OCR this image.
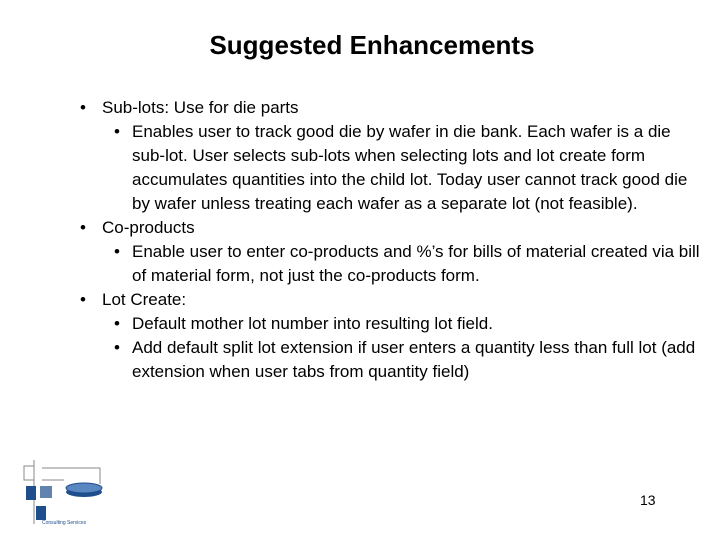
Suggested Enhancements
• Sub-lots: Use for die parts
• Enables user to track good die by wafer in die bank. Each wafer is a die sub-lot. User selects sub-lots when selecting lots and lot create form accumulates quantities into the child lot. Today user cannot track good die by wafer unless treating each wafer as a separate lot (not feasible).
• Co-products
• Enable user to enter co-products and %’s for bills of material created via bill of material form, not just the co-products form.
• Lot Create:
• Default mother lot number into resulting lot field.
• Add default split lot extension if user enters a quantity less than full lot (add extension when user tabs from quantity field)
Consulting Services
13
